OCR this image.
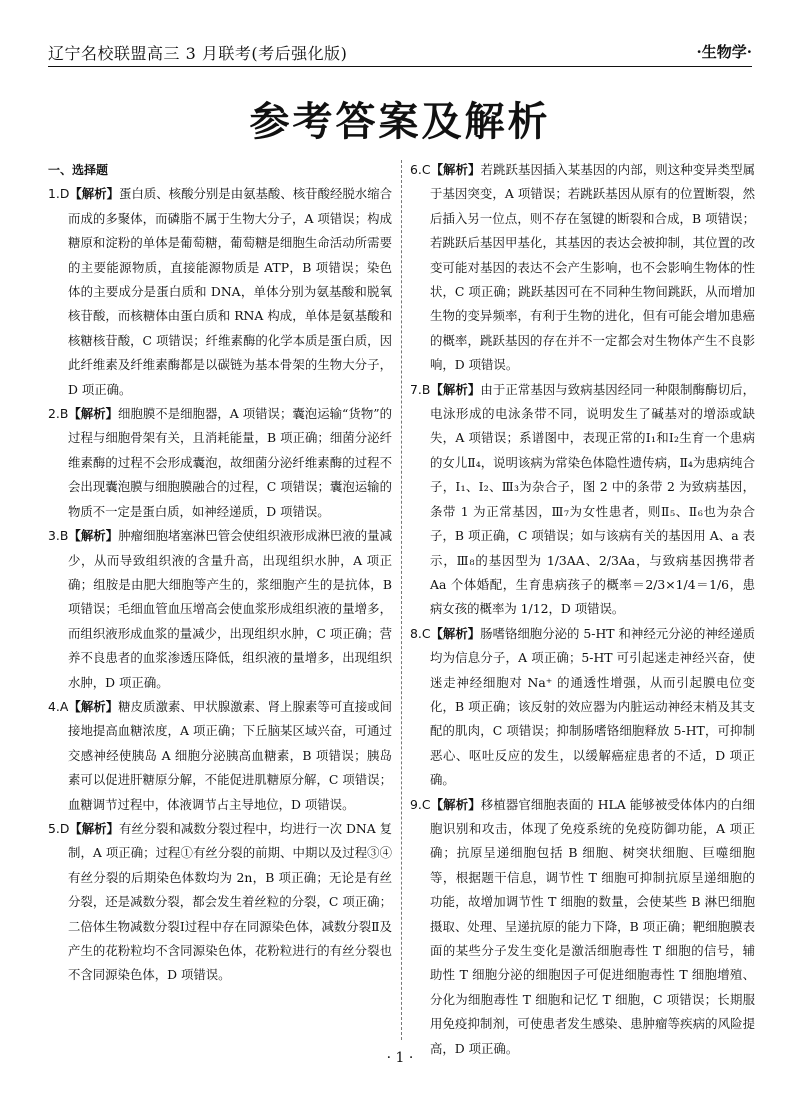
辽宁名校联盟高三 3 月联考(考后强化版)	·生物学·
参考答案及解析
一、选择题

1.D【解析】蛋白质、核酸分别是由氨基酸、核苷酸经脱水缩合而成的多聚体，而磷脂不属于生物大分子，A 项错误；构成糖原和淀粉的单体是葡萄糖，葡萄糖是细胞生命活动所需要的主要能源物质，直接能源物质是 ATP，B 项错误；染色体的主要成分是蛋白质和 DNA，单体分别为氨基酸和脱氧核苷酸，而核糖体由蛋白质和 RNA 构成，单体是氨基酸和核糖核苷酸，C 项错误；纤维素酶的化学本质是蛋白质，因此纤维素及纤维素酶都是以碳链为基本骨架的生物大分子，D 项正确。

2.B【解析】细胞膜不是细胞器，A 项错误；囊泡运输“货物”的过程与细胞骨架有关，且消耗能量，B 项正确；细菌分泌纤维素酶的过程不会形成囊泡，故细菌分泌纤维素酶的过程不会出现囊泡膜与细胞膜融合的过程，C 项错误；囊泡运输的物质不一定是蛋白质，如神经递质，D 项错误。

3.B【解析】肿瘤细胞堵塞淋巴管会使组织液形成淋巴液的量减少，从而导致组织液的含量升高，出现组织水肿，A 项正确；组胺是由肥大细胞等产生的，浆细胞产生的是抗体，B 项错误；毛细血管血压增高会使血浆形成组织液的量增多，而组织液形成血浆的量减少，出现组织水肿，C 项正确；营养不良患者的血浆渗透压降低，组织液的量增多，出现组织水肿，D 项正确。

4.A【解析】糖皮质激素、甲状腺激素、肾上腺素等可直接或间接地提高血糖浓度，A 项正确；下丘脑某区域兴奋，可通过交感神经使胰岛 A 细胞分泌胰高血糖素，B 项错误；胰岛素可以促进肝糖原分解，不能促进肌糖原分解，C 项错误；血糖调节过程中，体液调节占主导地位，D 项错误。

5.D【解析】有丝分裂和减数分裂过程中，均进行一次 DNA 复制，A 项正确；过程①有丝分裂的前期、中期以及过程③④有丝分裂的后期染色体数均为 2n，B 项正确；无论是有丝分裂，还是减数分裂，都会发生着丝粒的分裂，C 项正确；二倍体生物减数分裂Ⅰ过程中存在同源染色体，减数分裂Ⅱ及产生的花粉粒均不含同源染色体，花粉粒进行的有丝分裂也不含同源染色体，D 项错误。

6.C【解析】若跳跃基因插入某基因的内部，则这种变异类型属于基因突变，A 项错误；若跳跃基因从原有的位置断裂，然后插入另一位点，则不存在氢键的断裂和合成，B 项错误；若跳跃后基因甲基化，其基因的表达会被抑制，其位置的改变可能对基因的表达不会产生影响，也不会影响生物体的性状，C 项正确；跳跃基因可在不同种生物间跳跃，从而增加生物的变异频率，有利于生物的进化，但有可能会增加患癌的概率，跳跃基因的存在并不一定都会对生物体产生不良影响，D 项错误。

7.B【解析】由于正常基因与致病基因经同一种限制酶酶切后，电泳形成的电泳条带不同，说明发生了碱基对的增添或缺失，A 项错误；系谱图中，表现正常的Ⅰ₁和Ⅰ₂生育一个患病的女儿Ⅱ₄，说明该病为常染色体隐性遗传病，Ⅱ₄为患病纯合子，Ⅰ₁、Ⅰ₂、Ⅲ₃为杂合子，图 2 中的条带 2 为致病基因，条带 1 为正常基因，Ⅲ₇为女性患者，则Ⅱ₅、Ⅱ₆也为杂合子，B 项正确，C 项错误；如与该病有关的基因用 A、a 表示，Ⅲ₈的基因型为 1/3AA、2/3Aa，与致病基因携带者 Aa 个体婚配，生育患病孩子的概率＝2/3×1/4＝1/6，患病女孩的概率为 1/12，D 项错误。

8.C【解析】肠嗜铬细胞分泌的 5-HT 和神经元分泌的神经递质均为信息分子，A 项正确；5-HT 可引起迷走神经兴奋，使迷走神经细胞对 Na⁺ 的通透性增强，从而引起膜电位变化，B 项正确；该反射的效应器为内脏运动神经末梢及其支配的肌肉，C 项错误；抑制肠嗜铬细胞释放 5-HT，可抑制恶心、呕吐反应的发生，以缓解癌症患者的不适，D 项正确。

9.C【解析】移植器官细胞表面的 HLA 能够被受体体内的白细胞识别和攻击，体现了免疫系统的免疫防御功能，A 项正确；抗原呈递细胞包括 B 细胞、树突状细胞、巨噬细胞等，根据题干信息，调节性 T 细胞可抑制抗原呈递细胞的功能，故增加调节性 T 细胞的数量，会使某些 B 淋巴细胞摄取、处理、呈递抗原的能力下降，B 项正确；靶细胞膜表面的某些分子发生变化是激活细胞毒性 T 细胞的信号，辅助性 T 细胞分泌的细胞因子可促进细胞毒性 T 细胞增殖、分化为细胞毒性 T 细胞和记忆 T 细胞，C 项错误；长期服用免疫抑制剂，可使患者发生感染、患肿瘤等疾病的风险提高，D 项正确。

· 1 ·
